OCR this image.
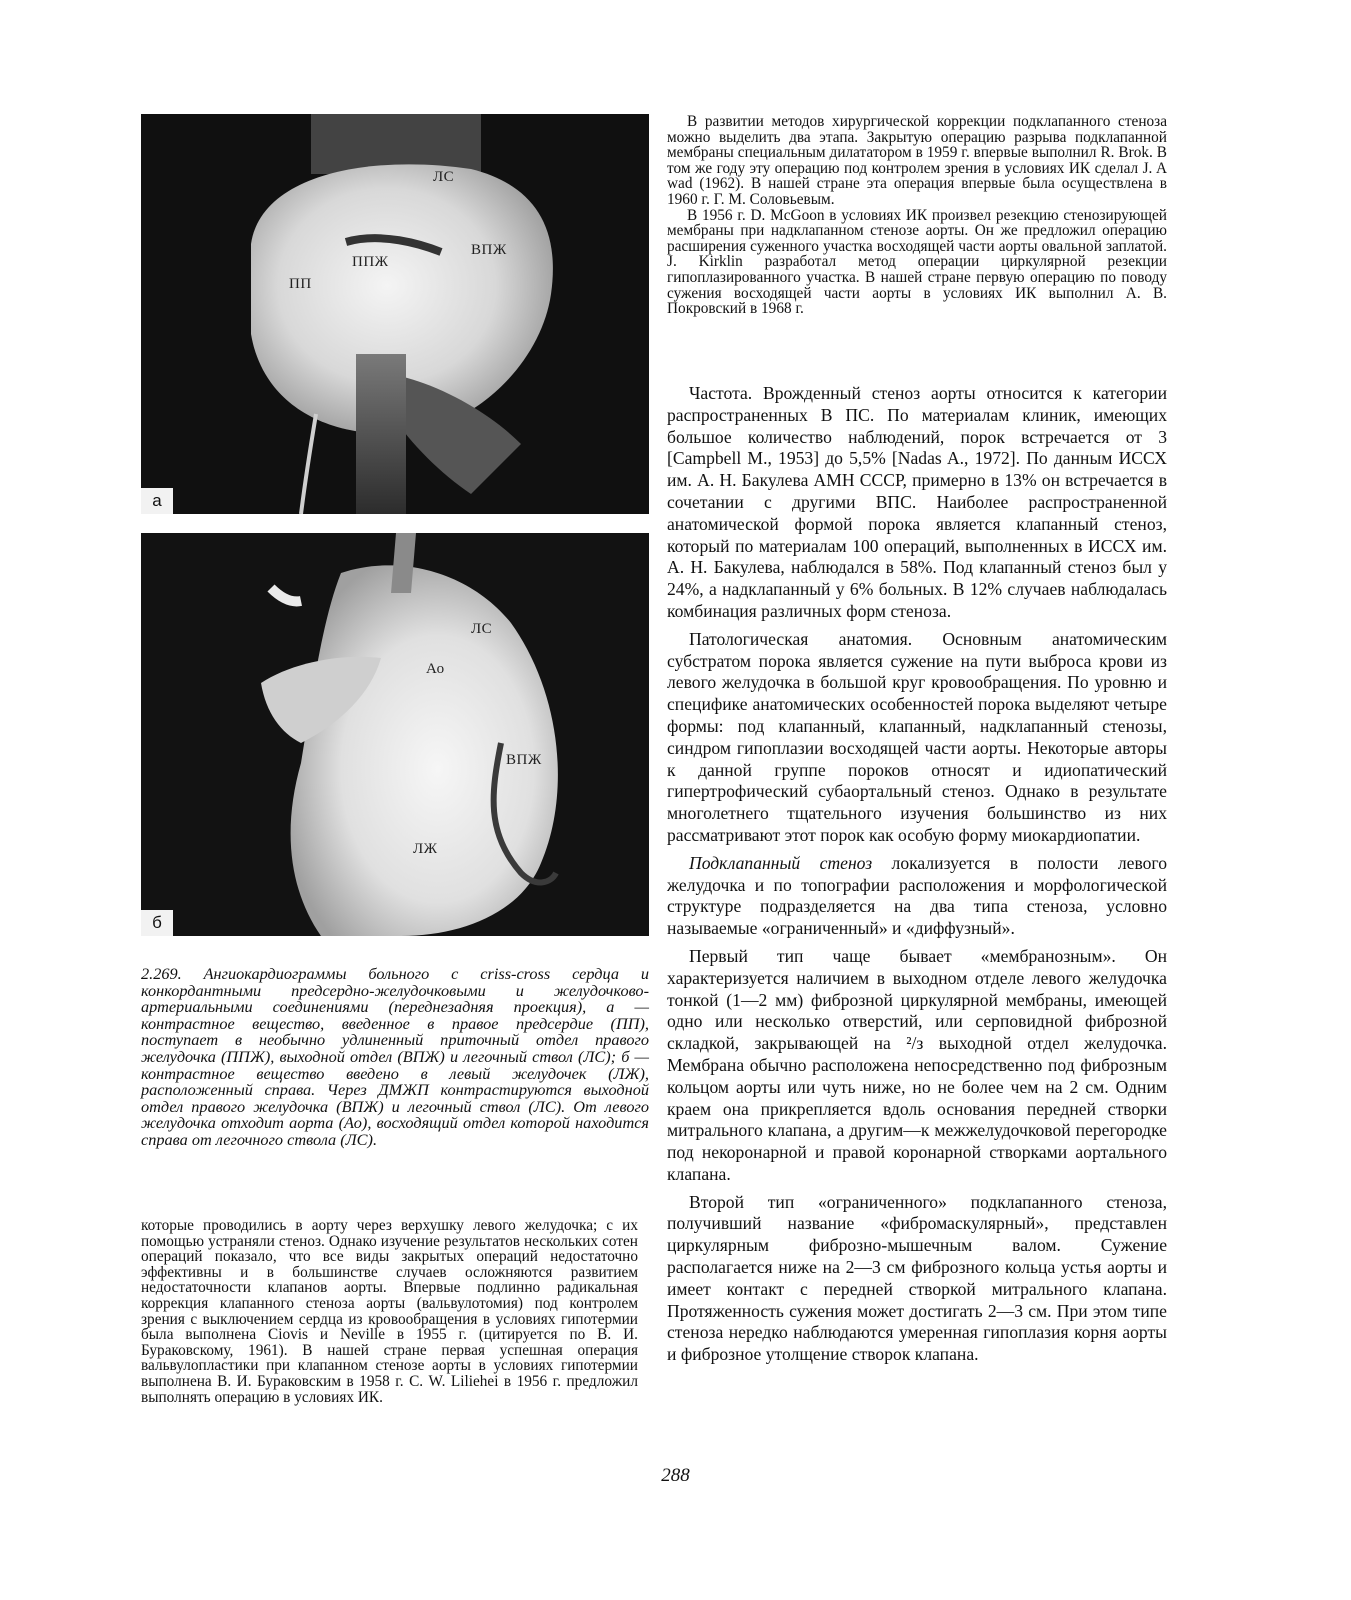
ЛС
ВПЖ
ППЖ
ПП
а
ЛС
Ао
ВПЖ
ЛЖ
б

2.269. Ангиокардиограммы больного с criss-cross сердца и конкордантными предсердно-желудочковыми и желудочково-артериальными соединениями (переднезадняя проекция), а — контрастное вещество, введенное в правое предсердие (ПП), поступает в необычно удлиненный приточный отдел правого желудочка (ППЖ), выходной отдел (ВПЖ) и легочный ствол (ЛС); б — контрастное вещество введено в левый желудочек (ЛЖ), расположенный справа. Через ДМЖП контрастируются выходной отдел правого желудочка (ВПЖ) и легочный ствол (ЛС). От левого желудочка отходит аорта (Ао), восходящий отдел которой находится справа от легочного ствола (ЛС).

которые проводились в аорту через верхушку левого желудочка; с их помощью устраняли стеноз. Однако изучение результатов нескольких сотен операций показало, что все виды закрытых операций недостаточно эффективны и в большинстве случаев осложняются развитием недостаточности клапанов аорты. Впервые подлинно радикальная коррекция клапанного стеноза аорты (вальвулотомия) под контролем зрения с выключением сердца из кровообращения в условиях гипотермии была выполнена Ciovis и Neville в 1955 г. (цитируется по В. И. Бураковскому, 1961). В нашей стране первая успешная операция вальвулопластики при клапанном стенозе аорты в условиях гипотермии выполнена В. И. Бураковским в 1958 г. С. W. Liliehei в 1956 г. предложил выполнять операцию в условиях ИК.

В развитии методов хирургической коррекции подклапанного стеноза можно выделить два этапа. Закрытую операцию разрыва подклапанной мембраны специальным дилататором в 1959 г. впервые выполнил R. Brok. В том же году эту операцию под контролем зрения в условиях ИК сделал J. A wad (1962). В нашей стране эта операция впервые была осуществлена в 1960 г. Г. М. Соловьевым.

В 1956 г. D. McGoon в условиях ИК произвел резекцию стенозирующей мембраны при надклапанном стенозе аорты. Он же предложил операцию расширения суженного участка восходящей части аорты овальной заплатой. J. Kirklin разработал метод операции циркулярной резекции гипоплазированного участка. В нашей стране первую операцию по поводу сужения восходящей части аорты в условиях ИК выполнил А. В. Покровский в 1968 г.

Частота. Врожденный стеноз аорты относится к категории распространенных В ПС. По материалам клиник, имеющих большое количество наблюдений, порок встречается от 3 [Campbell M., 1953] до 5,5% [Nadas A., 1972]. По данным ИССХ им. А. Н. Бакулева АМН СССР, примерно в 13% он встречается в сочетании с другими ВПС. Наиболее распространенной анатомической формой порока является клапанный стеноз, который по материалам 100 операций, выполненных в ИССХ им. А. Н. Бакулева, наблюдался в 58%. Под клапанный стеноз был у 24%, а надклапанный у 6% больных. В 12% случаев наблюдалась комбинация различных форм стеноза.

Патологическая анатомия. Основным анатомическим субстратом порока является сужение на пути выброса крови из левого желудочка в большой круг кровообращения. По уровню и специфике анатомических особенностей порока выделяют четыре формы: под клапанный, клапанный, надклапанный стенозы, синдром гипоплазии восходящей части аорты. Некоторые авторы к данной группе пороков относят и идиопатический гипертрофический субаортальный стеноз. Однако в результате многолетнего тщательного изучения большинство из них рассматривают этот порок как особую форму миокардиопатии.

Подклапанный стеноз локализуется в полости левого желудочка и по топографии расположения и морфологической структуре подразделяется на два типа стеноза, условно называемые «ограниченный» и «диффузный».

Первый тип чаще бывает «мембранозным». Он характеризуется наличием в выходном отделе левого желудочка тонкой (1—2 мм) фиброзной циркулярной мембраны, имеющей одно или несколько отверстий, или серповидной фиброзной складкой, закрывающей на ²/з выходной отдел желудочка. Мембрана обычно расположена непосредственно под фиброзным кольцом аорты или чуть ниже, но не более чем на 2 см. Одним краем она прикрепляется вдоль основания передней створки митрального клапана, а другим—к межжелудочковой перегородке под некоронарной и правой коронарной створками аортального клапана.

Второй тип «ограниченного» подклапанного стеноза, получивший название «фибромаскулярный», представлен циркулярным фиброзно-мышечным валом. Сужение располагается ниже на 2—3 см фиброзного кольца устья аорты и имеет контакт с передней створкой митрального клапана. Протяженность сужения может достигать 2—3 см. При этом типе стеноза нередко наблюдаются умеренная гипоплазия корня аорты и фиброзное утолщение створок клапана.

288
